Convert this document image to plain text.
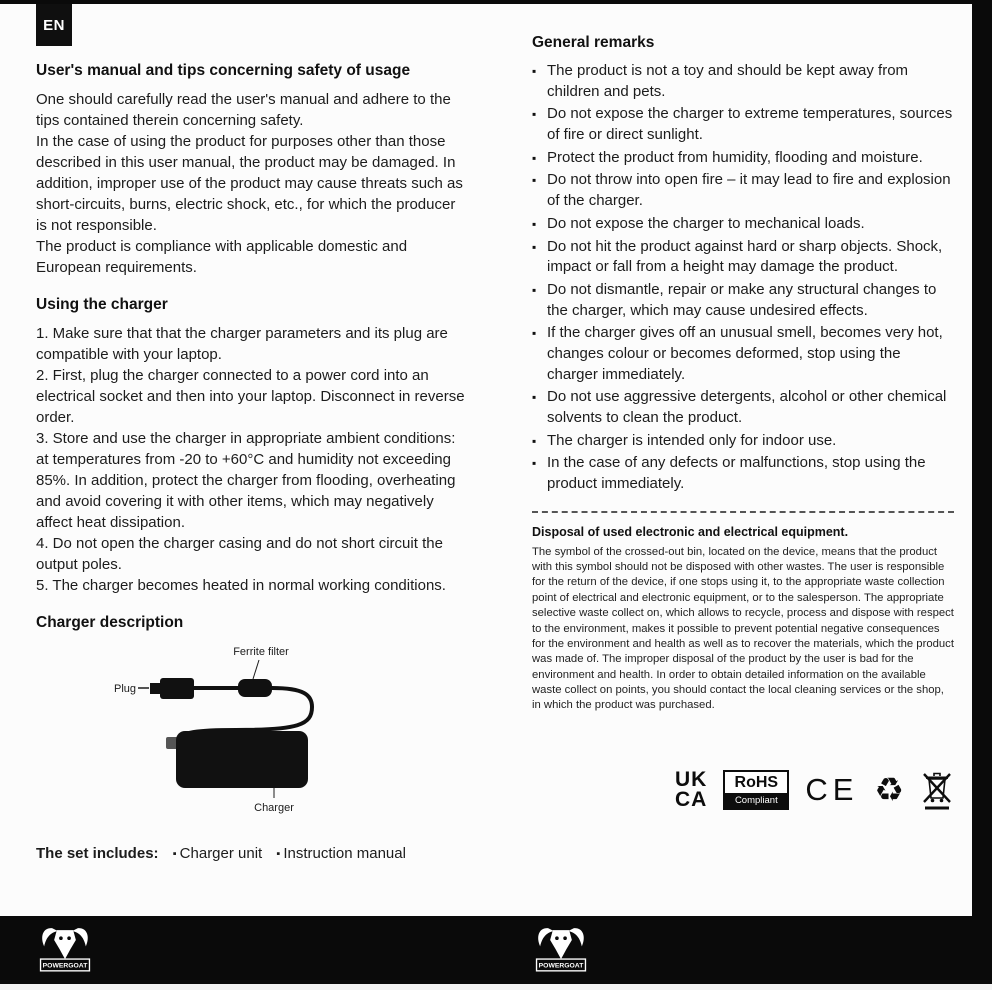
EN
User's manual and tips concerning safety of usage

One should carefully read the user's manual and adhere to the tips contained therein concerning safety.

In the case of using the product for purposes other than those described in this user manual, the product may be damaged. In addition, improper use of the product may cause threats such as short-circuits, burns, electric shock, etc., for which the producer is not responsible.

The product is compliance with applicable domestic and European requirements.

Using the charger

1. Make sure that that the charger parameters and its plug are compatible with your laptop.

2. First, plug the charger connected to a power cord into an electrical socket and then into your laptop. Disconnect in reverse order.

3. Store and use the charger in appropriate ambient conditions: at temperatures from -20 to +60°C and humidity not exceeding 85%. In addition, protect the charger from flooding, overheating and avoid covering it with other items, which may negatively affect heat dissipation.

4. Do not open the charger casing and do not short circuit the output poles.

5. The charger becomes heated in normal working conditions.

Charger description
Ferrite filter
Plug
Charger

The set includes: ▪ Charger unit ▪ Instruction manual

General remarks
▪ The product is not a toy and should be kept away from children and pets.
▪ Do not expose the charger to extreme temperatures, sources of fire or direct sunlight.
▪ Protect the product from humidity, flooding and moisture.
▪ Do not throw into open fire – it may lead to fire and explosion of the charger.
▪ Do not expose the charger to mechanical loads.
▪ Do not hit the product against hard or sharp objects. Shock, impact or fall from a height may damage the product.
▪ Do not dismantle, repair or make any structural changes to the charger, which may cause undesired effects.
▪ If the charger gives off an unusual smell, becomes very hot, changes colour or becomes deformed, stop using the charger immediately.
▪ Do not use aggressive detergents, alcohol or other chemical solvents to clean the product.
▪ The charger is intended only for indoor use.
▪ In the case of any defects or malfunctions, stop using the product immediately.
Disposal of used electronic and electrical equipment.

The symbol of the crossed-out bin, located on the device, means that the product with this symbol should not be disposed with other wastes. The user is responsible for the return of the device, if one stops using it, to the appropriate waste collection point of electrical and electronic equipment, or to the salesperson. The appropriate selective waste collect on, which allows to recycle, process and dispose with respect to the environment, makes it possible to prevent potential negative consequences for the environment and health as well as to recover the materials, which the product was made of. The improper disposal of the product by the user is bad for the environment and health. In order to obtain detailed information on the available waste collect on points, you should contact the local cleaning services or the shop, in which the product was purchased.

UK
CA
RoHS
Compliant CE ♻
POWERGOAT	POWERGOAT
